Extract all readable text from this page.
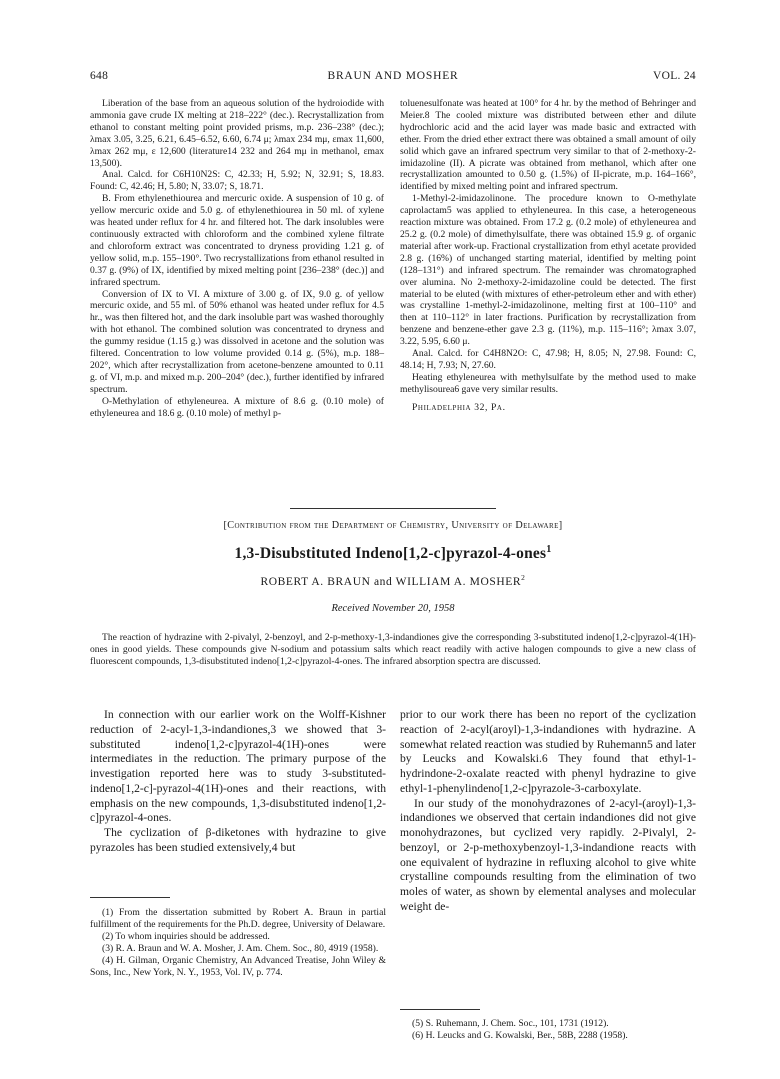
648	BRAUN AND MOSHER	VOL. 24

Liberation of the base from an aqueous solution of the hydroiodide with ammonia gave crude IX melting at 218–222° (dec.). Recrystallization from ethanol to constant melting point provided prisms, m.p. 236–238° (dec.); λmax 3.05, 3.25, 6.21, 6.45–6.52, 6.60, 6.74 μ; λmax 234 mμ, εmax 11,600, λmax 262 mμ, ε 12,600 (literature14 232 and 264 mμ in methanol, εmax 13,500).

Anal. Calcd. for C6H10N2S: C, 42.33; H, 5.92; N, 32.91; S, 18.83. Found: C, 42.46; H, 5.80; N, 33.07; S, 18.71.

B. From ethylenethiourea and mercuric oxide. A suspension of 10 g. of yellow mercuric oxide and 5.0 g. of ethylenethiourea in 50 ml. of xylene was heated under reflux for 4 hr. and filtered hot. The dark insolubles were continuously extracted with chloroform and the combined xylene filtrate and chloroform extract was concentrated to dryness providing 1.21 g. of yellow solid, m.p. 155–190°. Two recrystallizations from ethanol resulted in 0.37 g. (9%) of IX, identified by mixed melting point [236–238° (dec.)] and infrared spectrum.

Conversion of IX to VI. A mixture of 3.00 g. of IX, 9.0 g. of yellow mercuric oxide, and 55 ml. of 50% ethanol was heated under reflux for 4.5 hr., was then filtered hot, and the dark insoluble part was washed thoroughly with hot ethanol. The combined solution was concentrated to dryness and the gummy residue (1.15 g.) was dissolved in acetone and the solution was filtered. Concentration to low volume provided 0.14 g. (5%), m.p. 188–202°, which after recrystallization from acetone-benzene amounted to 0.11 g. of VI, m.p. and mixed m.p. 200–204° (dec.), further identified by infrared spectrum.

O-Methylation of ethyleneurea. A mixture of 8.6 g. (0.10 mole) of ethyleneurea and 18.6 g. (0.10 mole) of methyl p-

toluenesulfonate was heated at 100° for 4 hr. by the method of Behringer and Meier.8 The cooled mixture was distributed between ether and dilute hydrochloric acid and the acid layer was made basic and extracted with ether. From the dried ether extract there was obtained a small amount of oily solid which gave an infrared spectrum very similar to that of 2-methoxy-2-imidazoline (II). A picrate was obtained from methanol, which after one recrystallization amounted to 0.50 g. (1.5%) of II-picrate, m.p. 164–166°, identified by mixed melting point and infrared spectrum.

1-Methyl-2-imidazolinone. The procedure known to O-methylate caprolactam5 was applied to ethyleneurea. In this case, a heterogeneous reaction mixture was obtained. From 17.2 g. (0.2 mole) of ethyleneurea and 25.2 g. (0.2 mole) of dimethylsulfate, there was obtained 15.9 g. of organic material after work-up. Fractional crystallization from ethyl acetate provided 2.8 g. (16%) of unchanged starting material, identified by melting point (128–131°) and infrared spectrum. The remainder was chromatographed over alumina. No 2-methoxy-2-imidazoline could be detected. The first material to be eluted (with mixtures of ether-petroleum ether and with ether) was crystalline 1-methyl-2-imidazolinone, melting first at 100–110° and then at 110–112° in later fractions. Purification by recrystallization from benzene and benzene-ether gave 2.3 g. (11%), m.p. 115–116°; λmax 3.07, 3.22, 5.95, 6.60 μ.

Anal. Calcd. for C4H8N2O: C, 47.98; H, 8.05; N, 27.98. Found: C, 48.14; H, 7.93; N, 27.60.

Heating ethyleneurea with methylsulfate by the method used to make methylisourea6 gave very similar results.

Philadelphia 32, Pa.

[Contribution from the Department of Chemistry, University of Delaware]
1,3-Disubstituted Indeno[1,2-c]pyrazol-4-ones$^1$
ROBERT A. BRAUN and WILLIAM A. MOSHER$^2$
Received November 20, 1958

The reaction of hydrazine with 2-pivalyl, 2-benzoyl, and 2-p-methoxy-1,3-indandiones give the corresponding 3-substituted indeno[1,2-c]pyrazol-4(1H)-ones in good yields. These compounds give N-sodium and potassium salts which react readily with active halogen compounds to give a new class of fluorescent compounds, 1,3-disubstituted indeno[1,2-c]pyrazol-4-ones. The infrared absorption spectra are discussed.

In connection with our earlier work on the Wolff-Kishner reduction of 2-acyl-1,3-indandiones,3 we showed that 3-substituted indeno[1,2-c]pyrazol-4(1H)-ones were intermediates in the reduction. The primary purpose of the investigation reported here was to study 3-substituted-indeno[1,2-c]-pyrazol-4(1H)-ones and their reactions, with emphasis on the new compounds, 1,3-disubstituted indeno[1,2-c]pyrazol-4-ones.

The cyclization of β-diketones with hydrazine to give pyrazoles has been studied extensively,4 but

(1) From the dissertation submitted by Robert A. Braun in partial fulfillment of the requirements for the Ph.D. degree, University of Delaware.

(2) To whom inquiries should be addressed.

(3) R. A. Braun and W. A. Mosher, J. Am. Chem. Soc., 80, 4919 (1958).

(4) H. Gilman, Organic Chemistry, An Advanced Treatise, John Wiley & Sons, Inc., New York, N. Y., 1953, Vol. IV, p. 774.

prior to our work there has been no report of the cyclization reaction of 2-acyl(aroyl)-1,3-indandiones with hydrazine. A somewhat related reaction was studied by Ruhemann5 and later by Leucks and Kowalski.6 They found that ethyl-1-hydrindone-2-oxalate reacted with phenyl hydrazine to give ethyl-1-phenylindeno[1,2-c]pyrazole-3-carboxylate.

In our study of the monohydrazones of 2-acyl-(aroyl)-1,3-indandiones we observed that certain indandiones did not give monohydrazones, but cyclized very rapidly. 2-Pivalyl, 2-benzoyl, or 2-p-methoxybenzoyl-1,3-indandione reacts with one equivalent of hydrazine in refluxing alcohol to give white crystalline compounds resulting from the elimination of two moles of water, as shown by elemental analyses and molecular weight de-

(5) S. Ruhemann, J. Chem. Soc., 101, 1731 (1912).

(6) H. Leucks and G. Kowalski, Ber., 58B, 2288 (1958).
